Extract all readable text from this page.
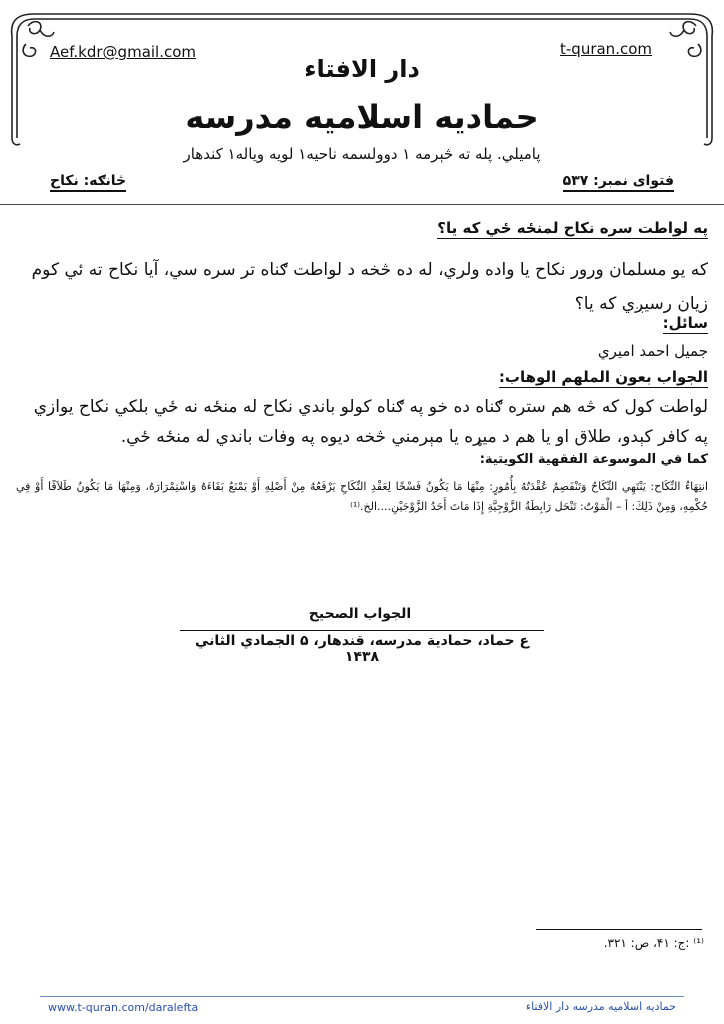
Aef.kdr@gmail.com	t-quran.com
دار الافتاء
حمادیه اسلامیه مدرسه
پامیلي. پله ته څېرمه ۱ دوولسمه ناحیه۱ لویه ویاله۱ کندهار
فتوای نمبر: ۵۳۷
څانګه: نکاح
په لواطت سره نکاح لمنځه ځي که یا؟
که یو مسلمان ورور نکاح یا واده ولري، له ده څخه د لواطت ګناه تر سره سي، آیا نکاح ته ئي کوم زیان رسیږي که یا؟
سائل:
جمیل احمد امیري
الجواب بعون الملهم الوهاب:
لواطت کول که څه هم ستره ګناه ده خو په ګناه کولو باندي نکاح له منځه نه ځي بلکي نکاح یوازي په کافر کېدو، طلاق او یا هم د میړه یا مېرمني څخه دیوه په وفات باندي له منځه ځي.
كما في الموسوعة الفقهية الكويتية:
انتِهَاءُ النِّكَاح: يَنْتَهِي النِّكَاحُ وَتَنْفَصِمُ عُقْدَتُهُ بِأُمُورٍ: مِنْهَا مَا يَكُونُ فَسْخًا لِعَقْدِ النِّكَاحِ يَرْفَعُهُ مِنْ أَصْلِهِ أَوْ يَمْنَعُ بَقَاءَهُ وَاسْتِمْرَارَهُ، وَمِنْهَا مَا يَكُونُ طَلاَقًا أَوْ فِي حُكْمِهِ، وَمِنْ ذَلِكَ: أ – الْمَوْتُ: تَنْحَل رَابِطَةُ الزَّوْجِيَّةِ إِذَا مَاتَ أَحَدُ الزَّوْجَيْنِ....الخ.⁽¹⁾
الجواب الصحيح
ع حماد، حمادية مدرسه، قندهار، ۵ الجمادي الثاني ۱۴۳۸
⁽¹⁾ :ج: ۴۱، ص: ۳۲۱.
www.t-quran.com/daralefta	حمادیه اسلامیه مدرسه دار الافتاء
